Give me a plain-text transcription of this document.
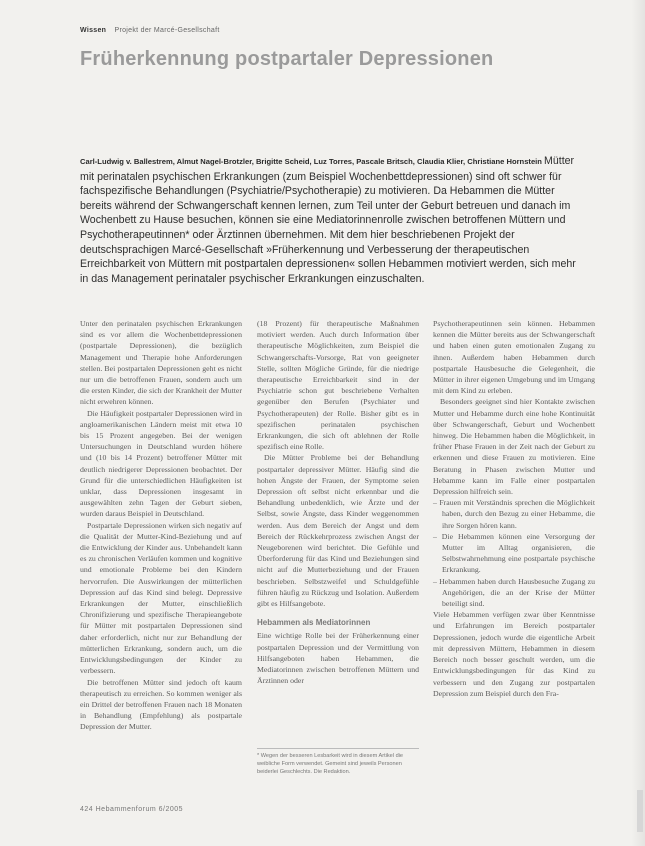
Wissen Projekt der Marcé-Gesellschaft
Früherkennung postpartaler Depressionen
Carl-Ludwig v. Ballestrem, Almut Nagel-Brotzler, Brigitte Scheid, Luz Torres, Pascale Britsch, Claudia Klier, Christiane Hornstein Mütter mit perinatalen psychischen Erkrankungen (zum Beispiel Wochenbettdepressionen) sind oft schwer für fachspezifische Behandlungen (Psychiatrie/Psychotherapie) zu motivieren. Da Hebammen die Mütter bereits während der Schwangerschaft kennen lernen, zum Teil unter der Geburt betreuen und danach im Wochenbett zu Hause besuchen, können sie eine Mediatorinnenrolle zwischen betroffenen Müttern und Psychotherapeutinnen* oder Ärztinnen übernehmen. Mit dem hier beschriebenen Projekt der deutschsprachigen Marcé-Gesellschaft »Früherkennung und Verbesserung der therapeutischen Erreichbarkeit von Müttern mit postpartalen depressionen« sollen Hebammen motiviert werden, sich mehr in das Management perinataler psychischer Erkrankungen einzuschalten.

Unter den perinatalen psychischen Erkrankungen sind es vor allem die Wochenbettdepressionen (postpartale Depressionen), die bezüglich Management und Therapie hohe Anforderungen stellen. Bei postpartalen Depressionen geht es nicht nur um die betroffenen Frauen, sondern auch um die ersten Kinder, die sich der Krankheit der Mutter nicht erwehren können.

Die Häufigkeit postpartaler Depressionen wird in angloamerikanischen Ländern meist mit etwa 10 bis 15 Prozent angegeben. Bei der wenigen Untersuchungen in Deutschland wurden höhere und (10 bis 14 Prozent) betroffener Mütter mit deutlich niedrigerer Depressionen beobachtet. Der Grund für die unterschiedlichen Häufigkeiten ist unklar, dass Depressionen insgesamt in ausgewählten zehn Tagen der Geburt sieben, wurden daraus Beispiel in Deutschland.

Postpartale Depressionen wirken sich negativ auf die Qualität der Mutter-Kind-Beziehung und auf die Entwicklung der Kinder aus. Unbehandelt kann es zu chronischen Verläufen kommen und kognitive und emotionale Probleme bei den Kindern hervorrufen. Die Auswirkungen der mütterlichen Depression auf das Kind sind belegt. Depressive Erkrankungen der Mutter, einschließlich Chronifizierung und spezifische Therapieangebote für Mütter mit postpartalen Depressionen sind daher erforderlich, nicht nur zur Behandlung der mütterlichen Erkrankung, sondern auch, um die Entwicklungsbedingungen der Kinder zu verbessern.

Die betroffenen Mütter sind jedoch oft kaum therapeutisch zu erreichen. So kommen weniger als ein Drittel der betroffenen Frauen nach 18 Monaten in Behandlung (Empfehlung) als postpartale Depression der Mutter.

(18 Prozent) für therapeutische Maßnahmen motiviert werden. Auch durch Information über therapeutische Möglichkeiten, zum Beispiel die Schwangerschafts-Vorsorge, Rat von geeigneter Stelle, sollten Mögliche Gründe, für die niedrige therapeutische Erreichbarkeit sind in der Psychiatrie schon gut beschriebene Verhalten gegenüber den Berufen (Psychiater und Psychotherapeuten) der Rolle. Bisher gibt es in spezifischen perinatalen psychischen Erkrankungen, die sich oft ablehnen der Rolle spezifisch eine Rolle.

Die Mütter Probleme bei der Behandlung postpartaler depressiver Mütter. Häufig sind die hohen Ängste der Frauen, der Symptome seien Depression oft selbst nicht erkennbar und die Behandlung unbedenklich, wie Ärzte und der Selbst, sowie Ängste, dass Kinder weggenommen werden. Aus dem Bereich der Angst und dem Bereich der Rückkehrprozess zwischen Angst der Neugeborenen wird berichtet. Die Gefühle und Überforderung für das Kind und Beziehungen sind nicht auf die Mutterbeziehung und der Frauen beschrieben. Selbstzweifel und Schuldgefühle führen häufig zu Rückzug und Isolation. Außerdem gibt es Hilfsangebote.

Hebammen als Mediatorinnen

Eine wichtige Rolle bei der Früherkennung einer postpartalen Depression und der Vermittlung von Hilfsangeboten haben Hebammen, die Mediatorinnen zwischen betroffenen Müttern und Ärztinnen oder

* Wegen der besseren Lesbarkeit wird in diesem Artikel die weibliche Form verwendet. Gemeint sind jeweils Personen beiderlei Geschlechts. Die Redaktion.

Psychotherapeutinnen sein können. Hebammen kennen die Mütter bereits aus der Schwangerschaft und haben einen guten emotionalen Zugang zu ihnen. Außerdem haben Hebammen durch postpartale Hausbesuche die Gelegenheit, die Mütter in ihrer eigenen Umgebung und im Umgang mit dem Kind zu erleben.

Besonders geeignet sind hier Kontakte zwischen Mutter und Hebamme durch eine hohe Kontinuität über Schwangerschaft, Geburt und Wochenbett hinweg. Die Hebammen haben die Möglichkeit, in früher Phase Frauen in der Zeit nach der Geburt zu erkennen und diese Frauen zu motivieren. Eine Beratung in Phasen zwischen Mutter und Hebamme kann im Falle einer postpartalen Depression hilfreich sein.

– Frauen mit Verständnis sprechen die Möglichkeit haben, durch den Bezug zu einer Hebamme, die ihre Sorgen hören kann.
– Die Hebammen können eine Versorgung der Mutter im Alltag organisieren, die Selbstwahrnehmung eine postpartale psychische Erkrankung.
– Hebammen haben durch Hausbesuche Zugang zu Angehörigen, die an der Krise der Mütter beteiligt sind.

Viele Hebammen verfügen zwar über Kenntnisse und Erfahrungen im Bereich postpartaler Depressionen, jedoch wurde die eigentliche Arbeit mit depressiven Müttern, Hebammen in diesem Bereich noch besser geschult werden, um die Entwicklungsbedingungen für das Kind zu verbessern und den Zugang zur postpartalen Depression zum Beispiel durch den Fra-

424 Hebammenforum 6/2005
